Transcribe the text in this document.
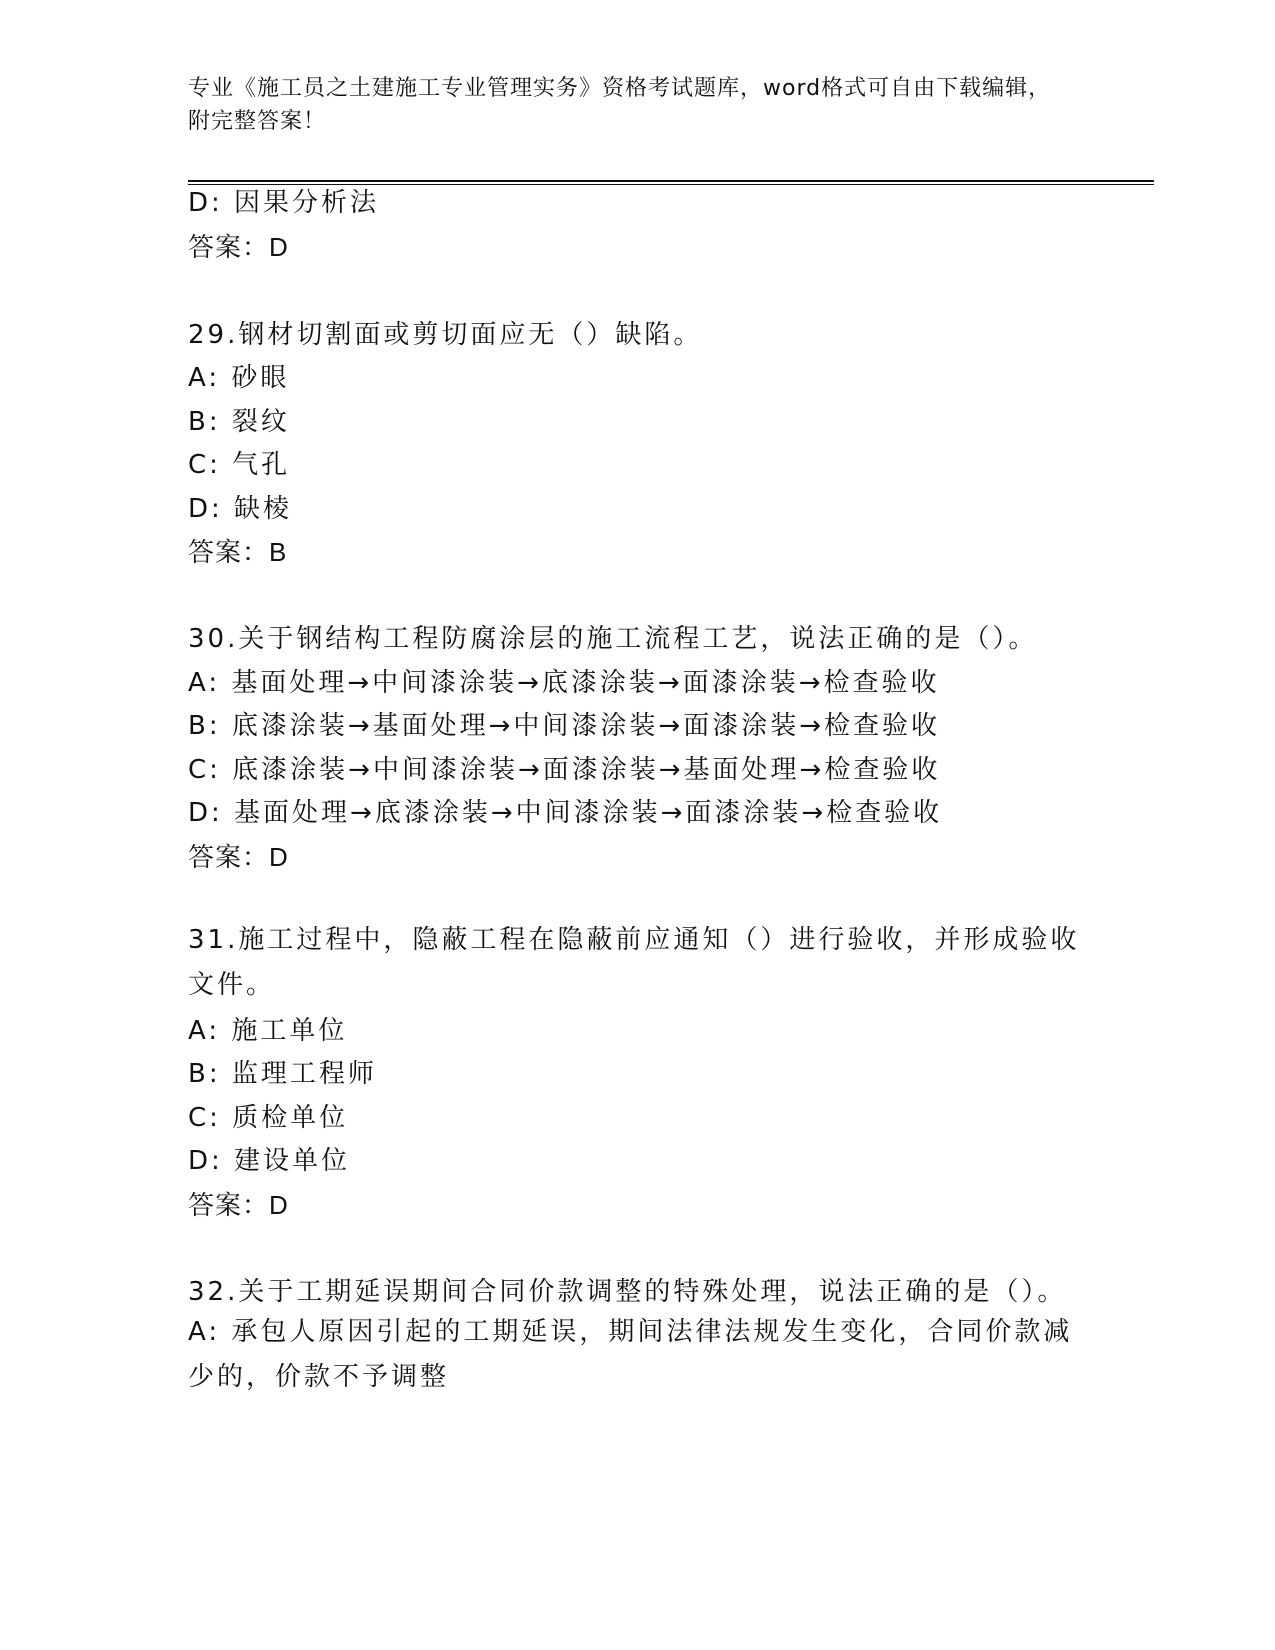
专业《施工员之土建施工专业管理实务》资格考试题库，word格式可自由下载编辑，附完整答案！
D: 因果分析法
答案：D
29.钢材切割面或剪切面应无（）缺陷。
A: 砂眼
B: 裂纹
C: 气孔
D: 缺棱
答案：B
30.关于钢结构工程防腐涂层的施工流程工艺，说法正确的是（）。
A: 基面处理→中间漆涂装→底漆涂装→面漆涂装→检查验收
B: 底漆涂装→基面处理→中间漆涂装→面漆涂装→检查验收
C: 底漆涂装→中间漆涂装→面漆涂装→基面处理→检查验收
D: 基面处理→底漆涂装→中间漆涂装→面漆涂装→检查验收
答案：D
31.施工过程中，隐蔽工程在隐蔽前应通知（）进行验收，并形成验收文件。
A: 施工单位
B: 监理工程师
C: 质检单位
D: 建设单位
答案：D
32.关于工期延误期间合同价款调整的特殊处理，说法正确的是（）。
A: 承包人原因引起的工期延误，期间法律法规发生变化，合同价款减少的，价款不予调整
